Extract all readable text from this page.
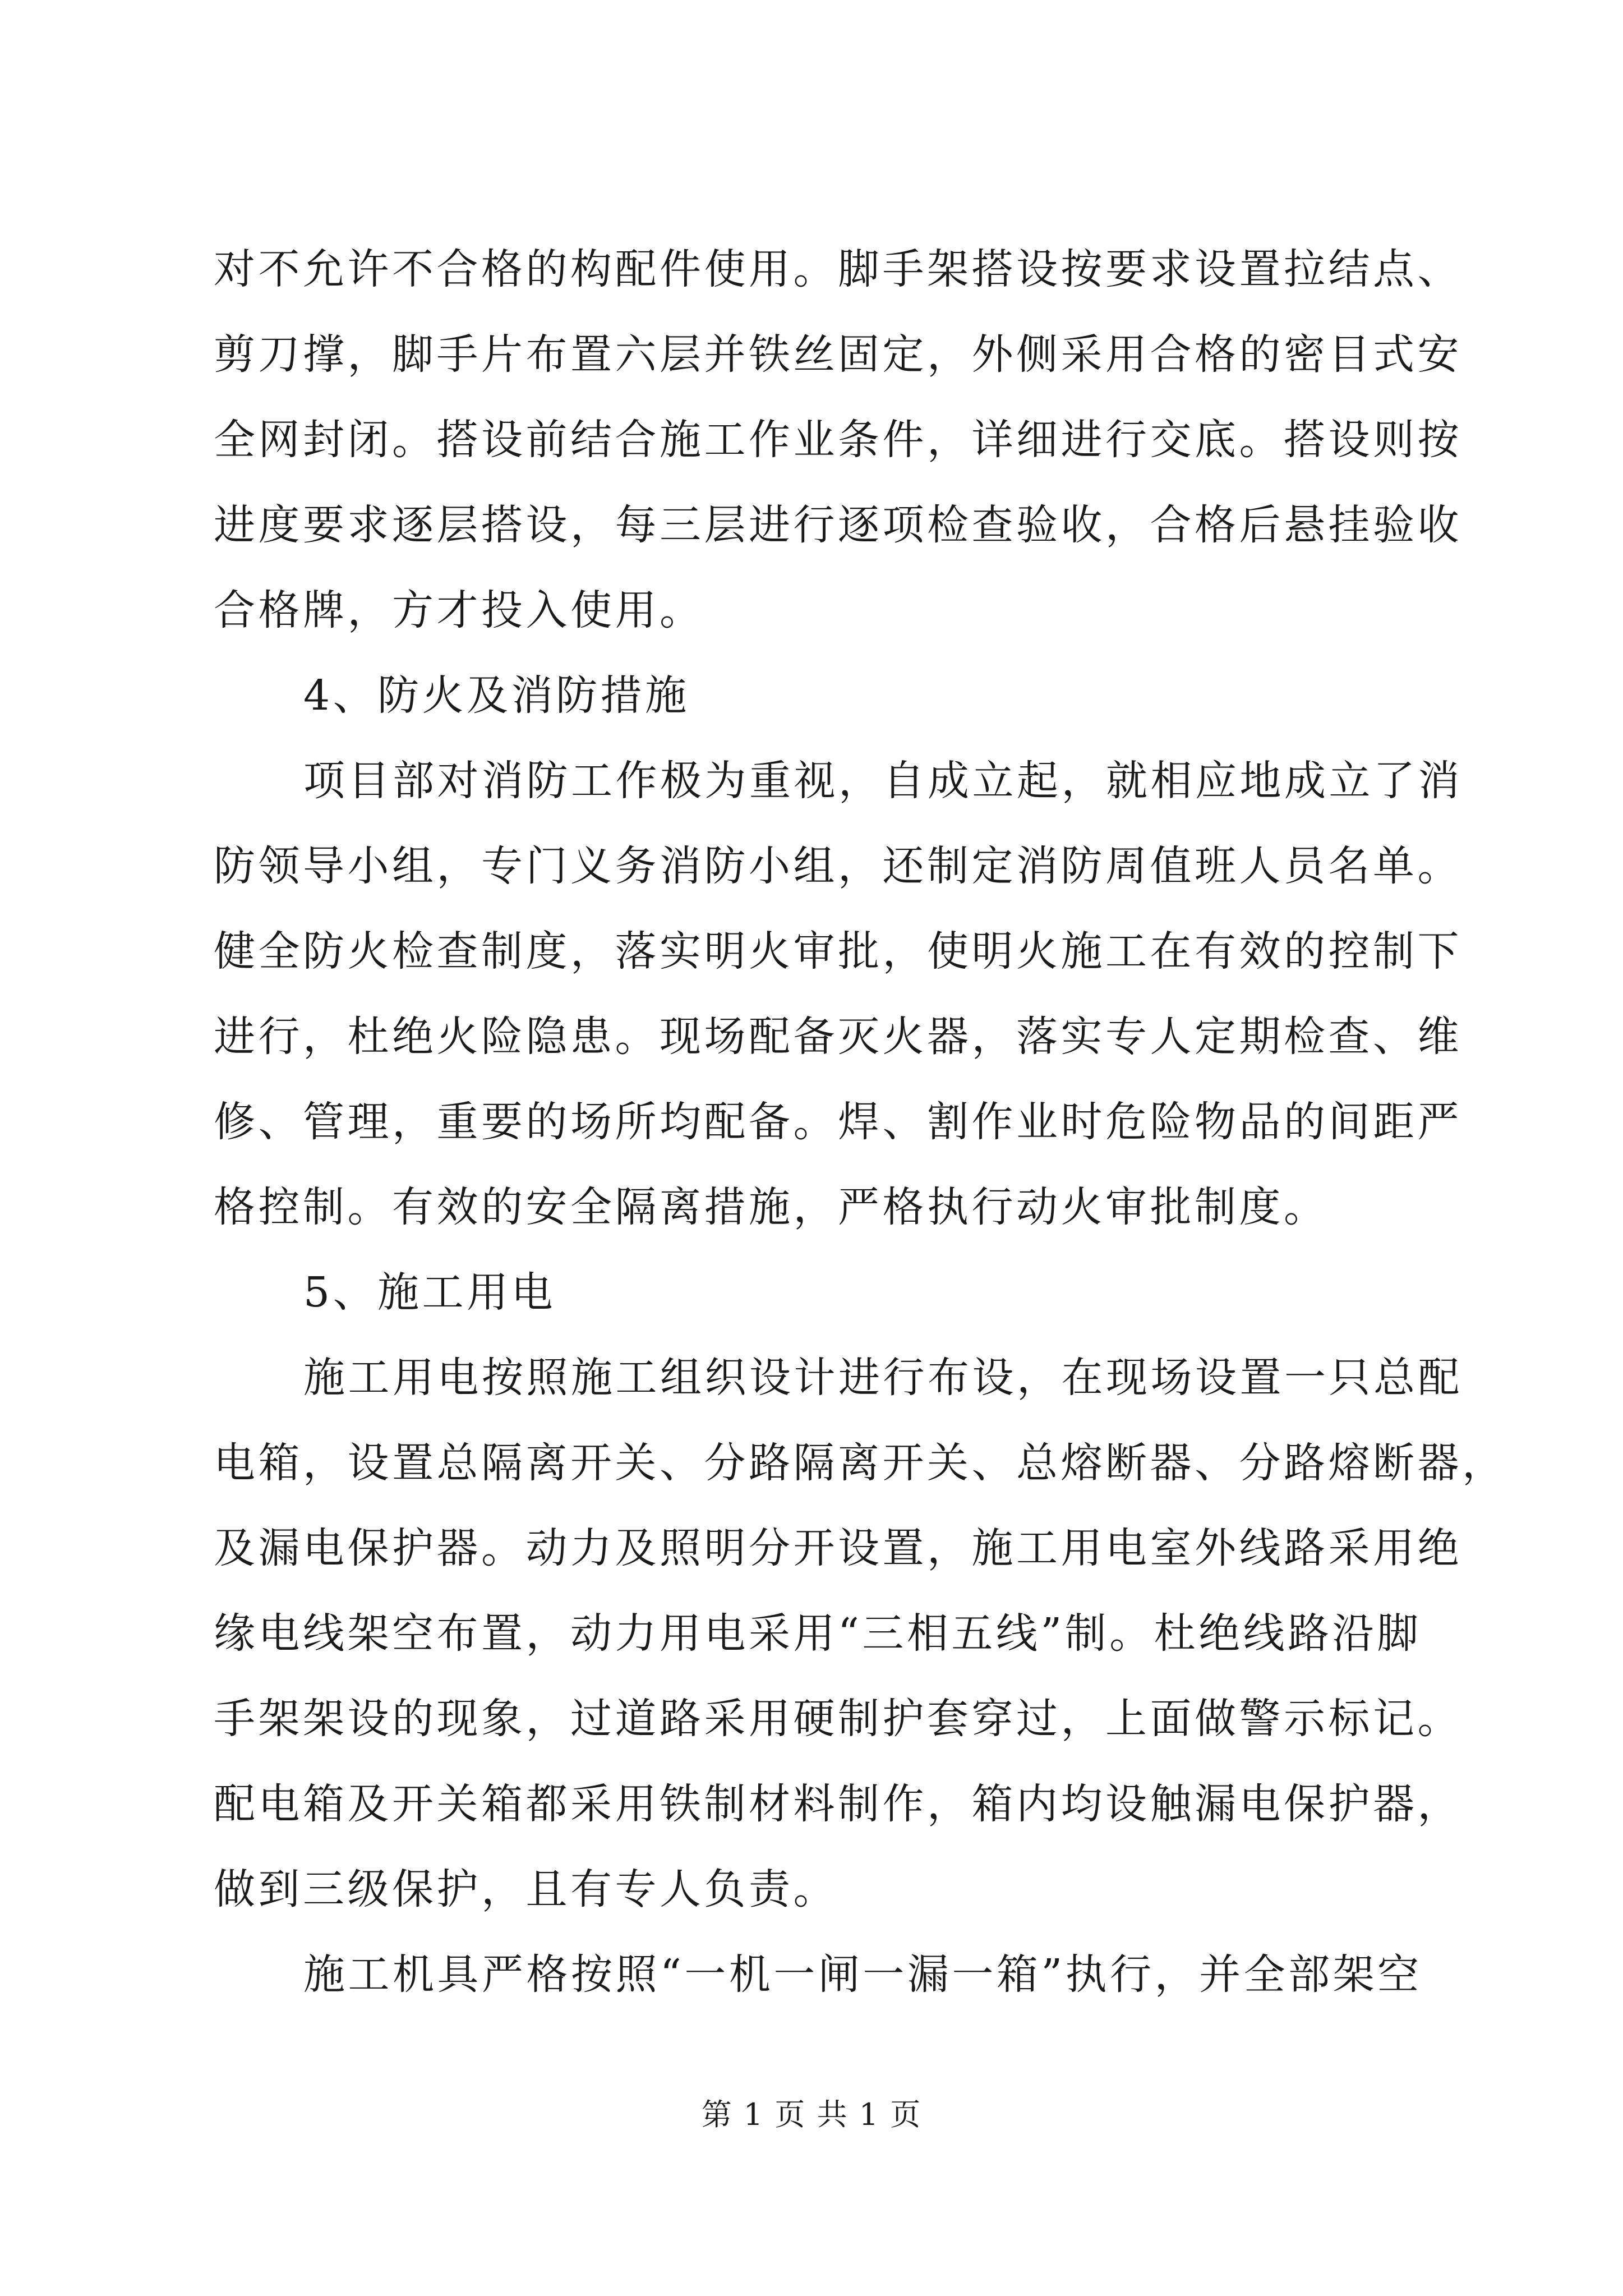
对不允许不合格的构配件使用。脚手架搭设按要求设置拉结点、
剪刀撑，脚手片布置六层并铁丝固定，外侧采用合格的密目式安
全网封闭。搭设前结合施工作业条件，详细进行交底。搭设则按
进度要求逐层搭设，每三层进行逐项检查验收，合格后悬挂验收
合格牌，方才投入使用。
4、防火及消防措施
项目部对消防工作极为重视，自成立起，就相应地成立了消
防领导小组，专门义务消防小组，还制定消防周值班人员名单。
健全防火检查制度，落实明火审批，使明火施工在有效的控制下
进行，杜绝火险隐患。现场配备灭火器，落实专人定期检查、维
修、管理，重要的场所均配备。焊、割作业时危险物品的间距严
格控制。有效的安全隔离措施，严格执行动火审批制度。
5、施工用电
施工用电按照施工组织设计进行布设，在现场设置一只总配
电箱，设置总隔离开关、分路隔离开关、总熔断器、分路熔断器，
及漏电保护器。动力及照明分开设置，施工用电室外线路采用绝
缘电线架空布置，动力用电采用“三相五线”制。杜绝线路沿脚
手架架设的现象，过道路采用硬制护套穿过，上面做警示标记。
配电箱及开关箱都采用铁制材料制作，箱内均设触漏电保护器，
做到三级保护，且有专人负责。
施工机具严格按照“一机一闸一漏一箱”执行，并全部架空
第 1 页 共 1 页
